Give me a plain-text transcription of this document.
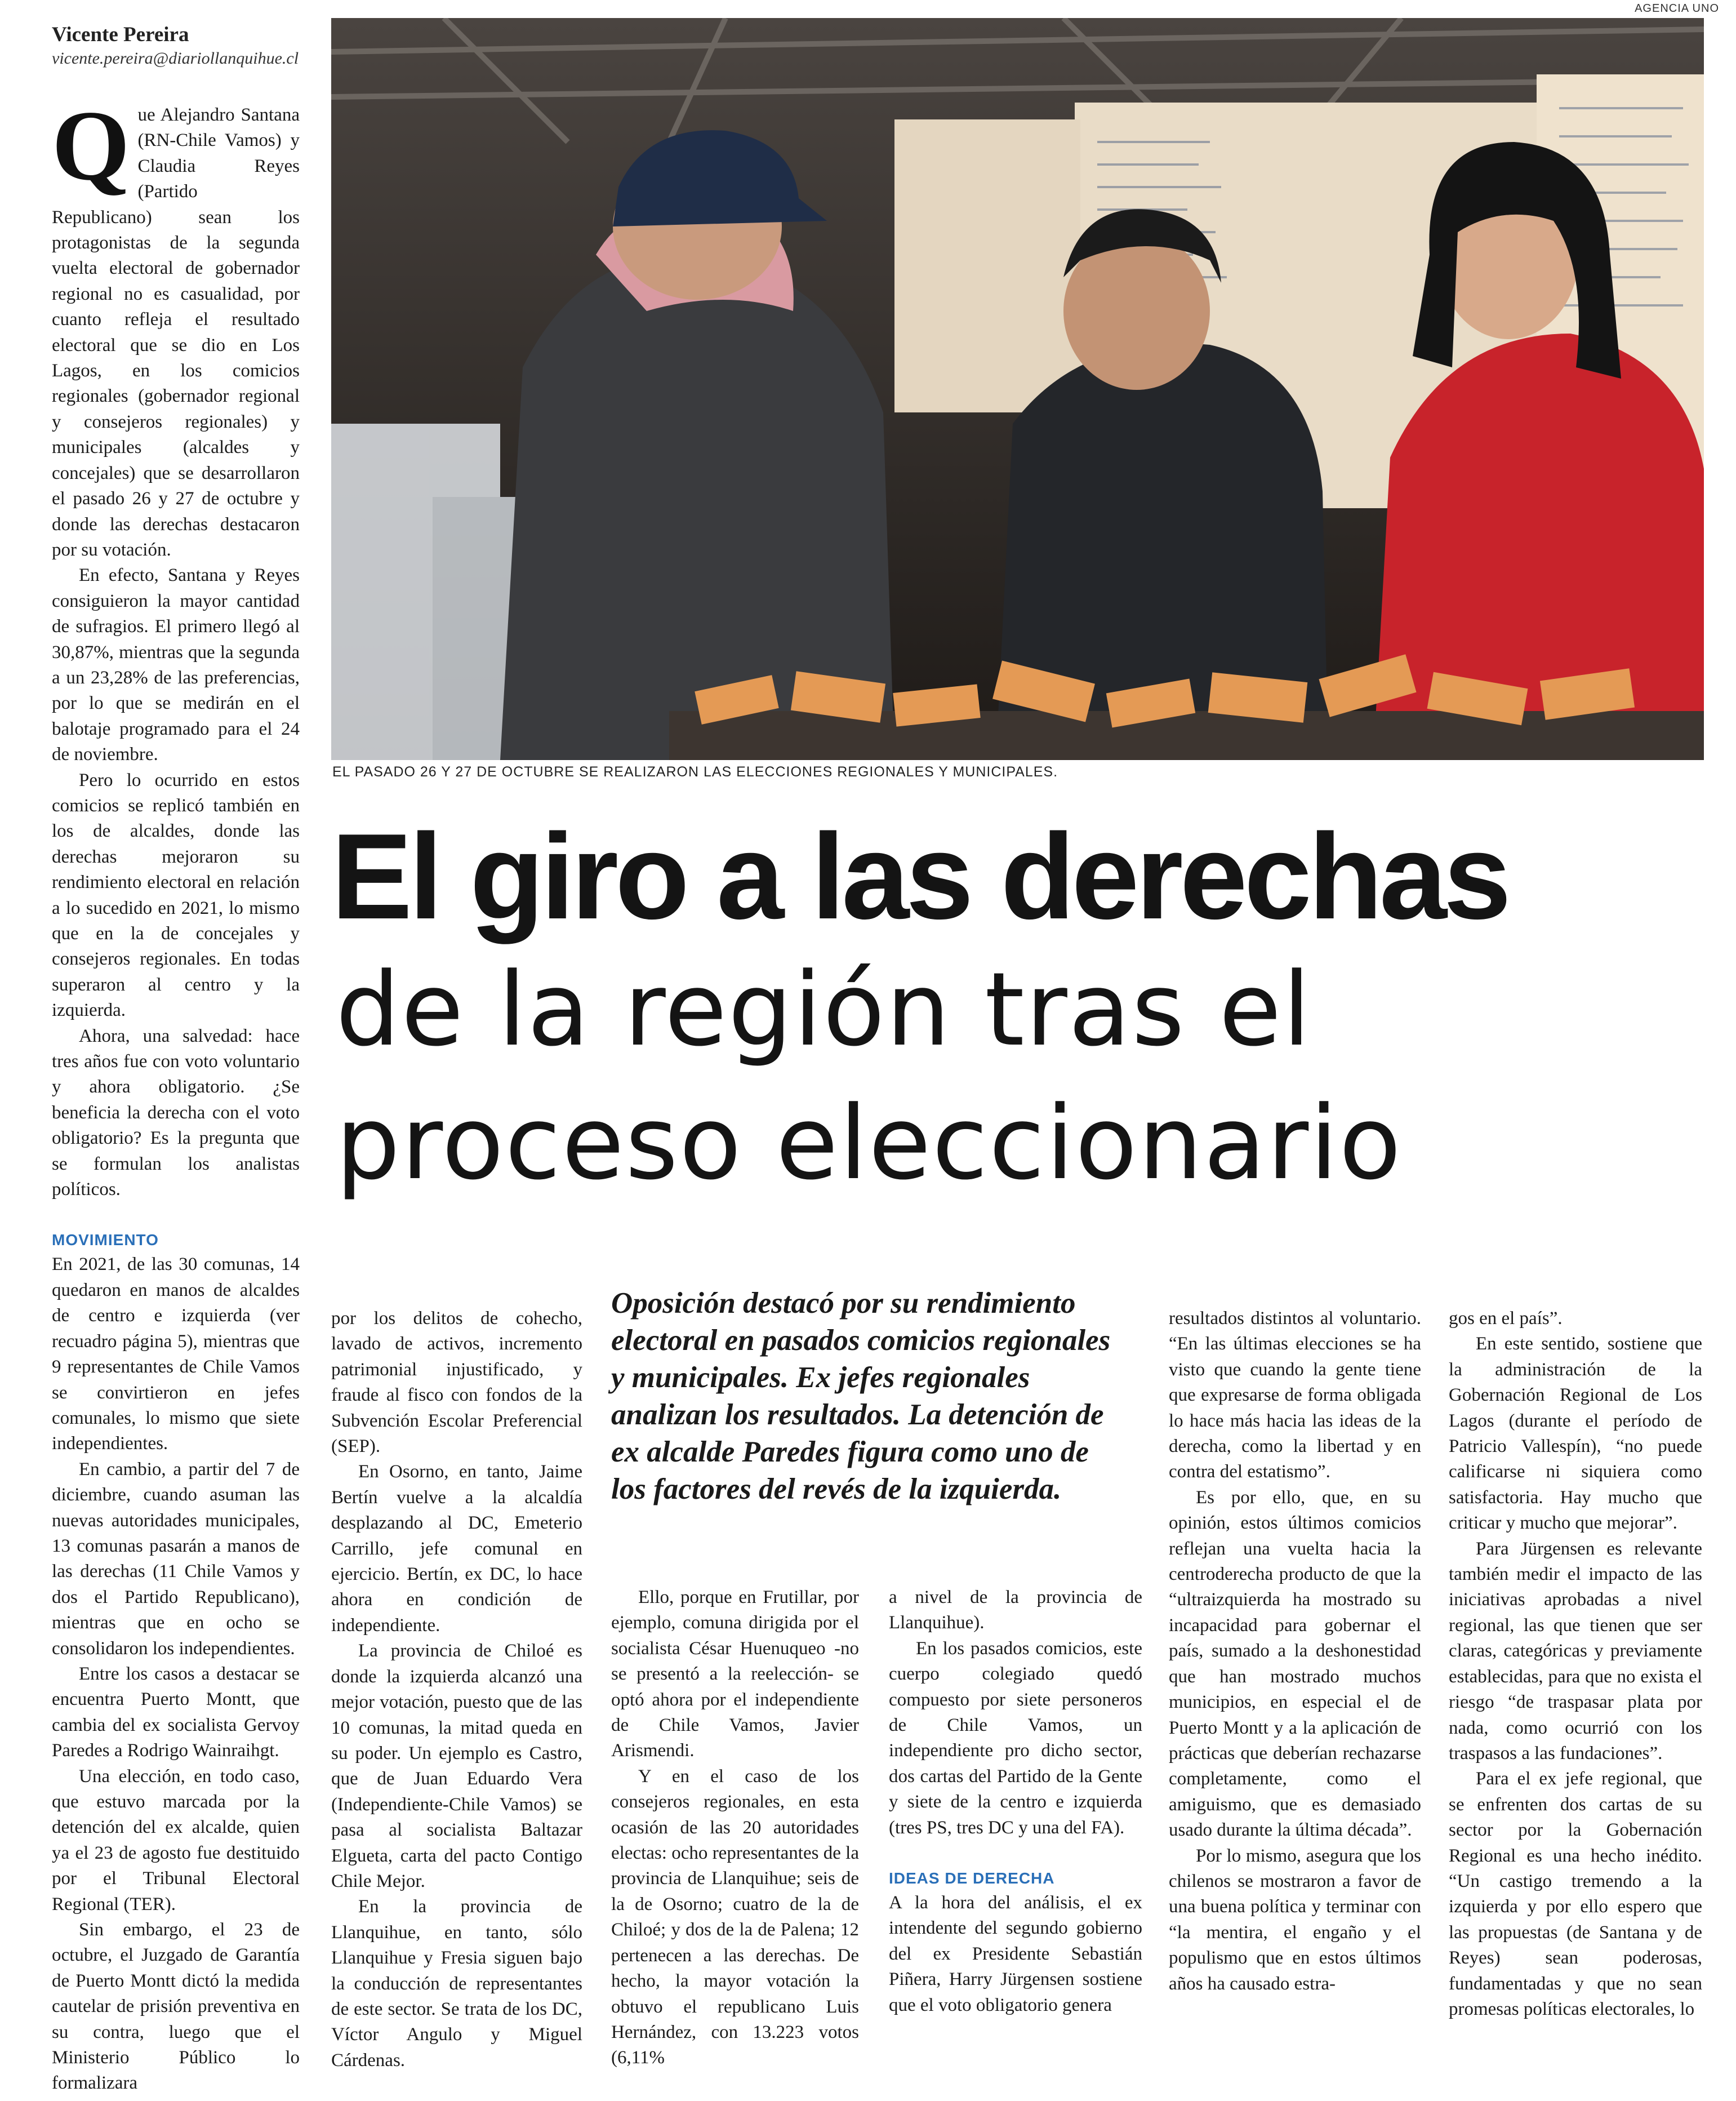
Vicente Pereira
vicente.pereira@diariollanquihue.cl
AGENCIA UNO
EL PASADO 26 Y 27 DE OCTUBRE SE REALIZARON LAS ELECCIONES REGIONALES Y MUNICIPALES.
El giro a las derechas
de la región tras el
proceso eleccionario
Oposición destacó por su rendimiento electoral en pasados comicios regionales y municipales. Ex jefes regionales analizan los resultados. La detención de ex alcalde Paredes figura como uno de los factores del revés de la izquierda.

Que Alejandro Santana (RN-Chile Vamos) y Claudia Reyes (Partido Republicano) sean los protagonistas de la segunda vuelta electoral de gobernador regional no es casualidad, por cuanto refleja el resultado electoral que se dio en Los Lagos, en los comicios regionales (gobernador regional y consejeros regionales) y municipales (alcaldes y concejales) que se desarrollaron el pasado 26 y 27 de octubre y donde las derechas destacaron por su votación.

En efecto, Santana y Reyes consiguieron la mayor cantidad de sufragios. El primero llegó al 30,87%, mientras que la segunda a un 23,28% de las preferencias, por lo que se medirán en el balotaje programado para el 24 de noviembre.

Pero lo ocurrido en estos comicios se replicó también en los de alcaldes, donde las derechas mejoraron su rendimiento electoral en relación a lo sucedido en 2021, lo mismo que en la de concejales y consejeros regionales. En todas superaron al centro y la izquierda.

Ahora, una salvedad: hace tres años fue con voto voluntario y ahora obligatorio. ¿Se beneficia la derecha con el voto obligatorio? Es la pregunta que se formulan los analistas políticos.

MOVIMIENTO

En 2021, de las 30 comunas, 14 quedaron en manos de alcaldes de centro e izquierda (ver recuadro página 5), mientras que 9 representantes de Chile Vamos se convirtieron en jefes comunales, lo mismo que siete independientes.

En cambio, a partir del 7 de diciembre, cuando asuman las nuevas autoridades municipales, 13 comunas pasarán a manos de las derechas (11 Chile Vamos y dos el Partido Republicano), mientras que en ocho se consolidaron los independientes.

Entre los casos a destacar se encuentra Puerto Montt, que cambia del ex socialista Gervoy Paredes a Rodrigo Wainraihgt.

Una elección, en todo caso, que estuvo marcada por la detención del ex alcalde, quien ya el 23 de agosto fue destituido por el Tribunal Electoral Regional (TER).

Sin embargo, el 23 de octubre, el Juzgado de Garantía de Puerto Montt dictó la medida cautelar de prisión preventiva en su contra, luego que el Ministerio Público lo formalizara

por los delitos de cohecho, lavado de activos, incremento patrimonial injustificado, y fraude al fisco con fondos de la Subvención Escolar Preferencial (SEP).

En Osorno, en tanto, Jaime Bertín vuelve a la alcaldía desplazando al DC, Emeterio Carrillo, jefe comunal en ejercicio. Bertín, ex DC, lo hace ahora en condición de independiente.

La provincia de Chiloé es donde la izquierda alcanzó una mejor votación, puesto que de las 10 comunas, la mitad queda en su poder. Un ejemplo es Castro, que de Juan Eduardo Vera (Independiente-Chile Vamos) se pasa al socialista Baltazar Elgueta, carta del pacto Contigo Chile Mejor.

En la provincia de Llanquihue, en tanto, sólo Llanquihue y Fresia siguen bajo la conducción de representantes de este sector. Se trata de los DC, Víctor Angulo y Miguel Cárdenas.

Ello, porque en Frutillar, por ejemplo, comuna dirigida por el socialista César Huenuqueo -no se presentó a la reelección- se optó ahora por el independiente de Chile Vamos, Javier Arismendi.

Y en el caso de los consejeros regionales, en esta ocasión de las 20 autoridades electas: ocho representantes de la provincia de Llanquihue; seis de la de Osorno; cuatro de la de Chiloé; y dos de la de Palena; 12 pertenecen a las derechas. De hecho, la mayor votación la obtuvo el republicano Luis Hernández, con 13.223 votos (6,11%

a nivel de la provincia de Llanquihue).

En los pasados comicios, este cuerpo colegiado quedó compuesto por siete personeros de Chile Vamos, un independiente pro dicho sector, dos cartas del Partido de la Gente y siete de la centro e izquierda (tres PS, tres DC y una del FA).

IDEAS DE DERECHA

A la hora del análisis, el ex intendente del segundo gobierno del ex Presidente Sebastián Piñera, Harry Jürgensen sostiene que el voto obligatorio genera

resultados distintos al voluntario. “En las últimas elecciones se ha visto que cuando la gente tiene que expresarse de forma obligada lo hace más hacia las ideas de la derecha, como la libertad y en contra del estatismo”.

Es por ello, que, en su opinión, estos últimos comicios reflejan una vuelta hacia la centroderecha producto de que la “ultraizquierda ha mostrado su incapacidad para gobernar el país, sumado a la deshonestidad que han mostrado muchos municipios, en especial el de Puerto Montt y a la aplicación de prácticas que deberían rechazarse completamente, como el amiguismo, que es demasiado usado durante la última década”.

Por lo mismo, asegura que los chilenos se mostraron a favor de una buena política y terminar con “la mentira, el engaño y el populismo que en estos últimos años ha causado estra-

gos en el país”.

En este sentido, sostiene que la administración de la Gobernación Regional de Los Lagos (durante el período de Patricio Vallespín), “no puede calificarse ni siquiera como satisfactoria. Hay mucho que criticar y mucho que mejorar”.

Para Jürgensen es relevante también medir el impacto de las iniciativas aprobadas a nivel regional, las que tienen que ser claras, categóricas y previamente establecidas, para que no exista el riesgo “de traspasar plata por nada, como ocurrió con los traspasos a las fundaciones”.

Para el ex jefe regional, que se enfrenten dos cartas de su sector por la Gobernación Regional es una hecho inédito. “Un castigo tremendo a la izquierda y por ello espero que las propuestas (de Santana y de Reyes) sean poderosas, fundamentadas y que no sean promesas políticas electorales, lo
